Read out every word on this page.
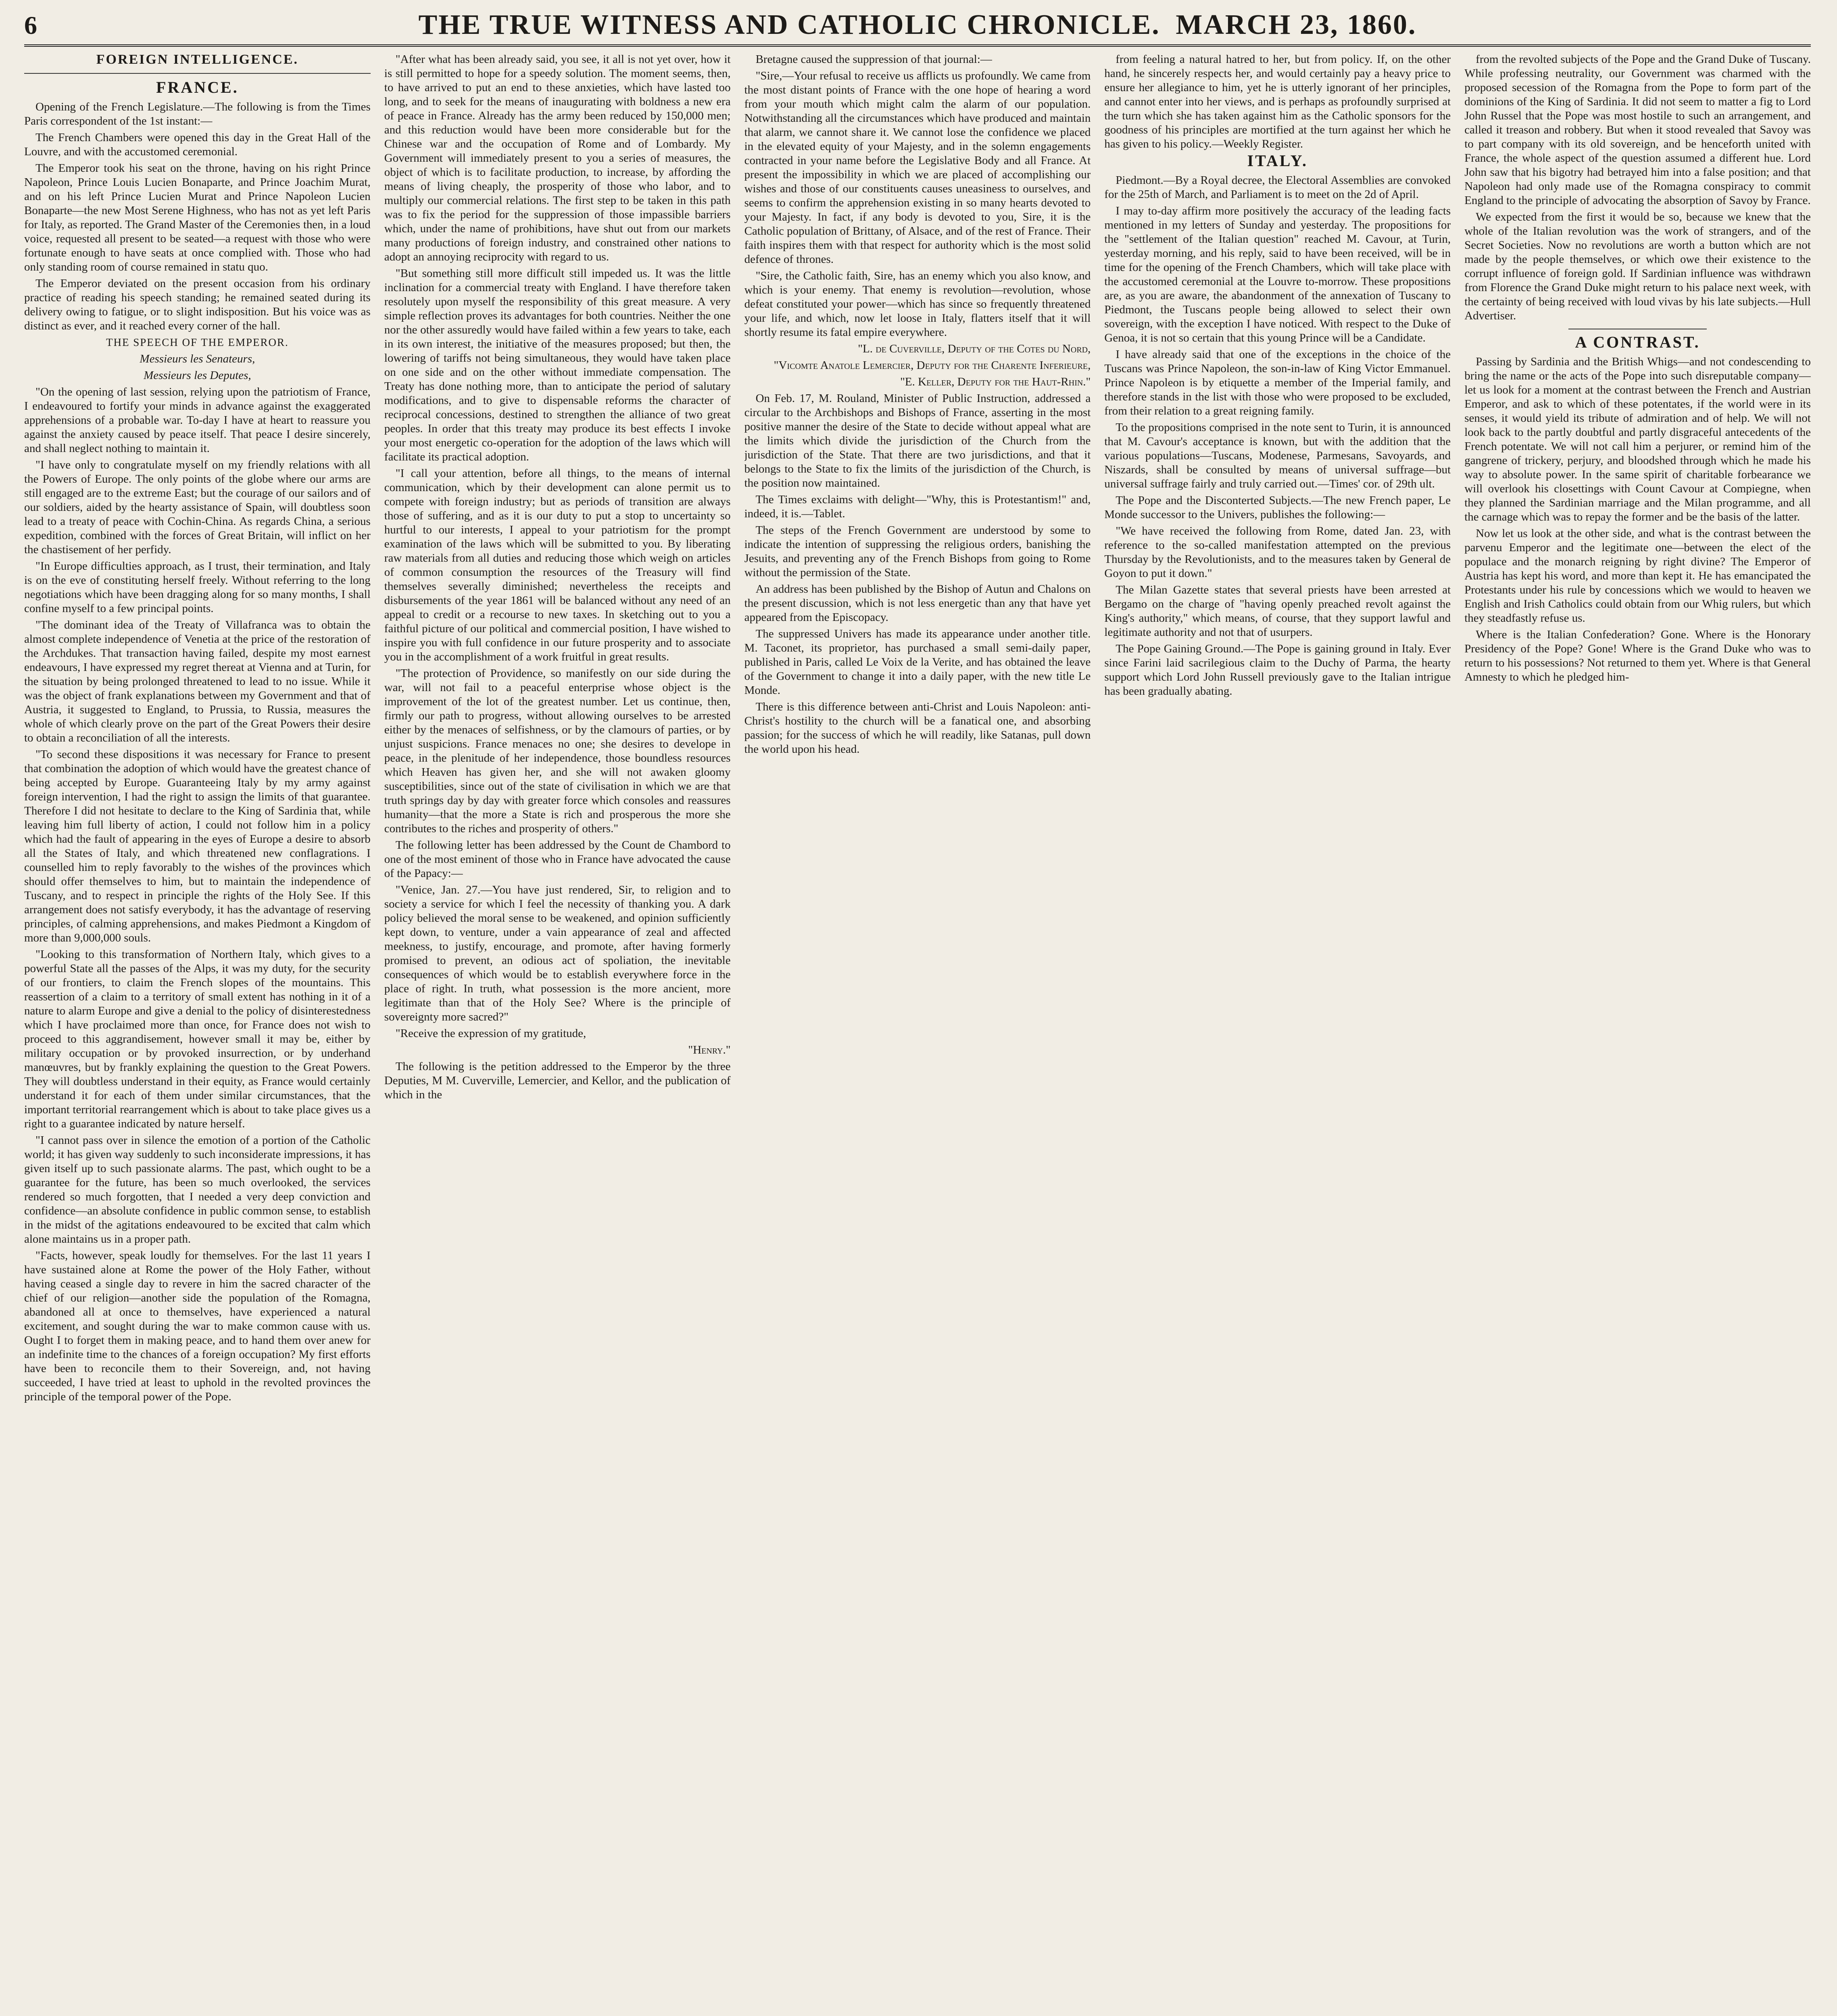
6	THE TRUE WITNESS AND CATHOLIC CHRONICLE. MARCH 23, 1860.
FOREIGN INTELLIGENCE.
FRANCE.

Opening of the French Legislature.—The following is from the Times Paris correspondent of the 1st instant:—

The French Chambers were opened this day in the Great Hall of the Louvre, and with the accustomed ceremonial.

The Emperor took his seat on the throne, having on his right Prince Napoleon, Prince Louis Lucien Bonaparte, and Prince Joachim Murat, and on his left Prince Lucien Murat and Prince Napoleon Lucien Bonaparte—the new Most Serene Highness, who has not as yet left Paris for Italy, as reported. The Grand Master of the Ceremonies then, in a loud voice, requested all present to be seated—a request with those who were fortunate enough to have seats at once complied with. Those who had only standing room of course remained in statu quo.

The Emperor deviated on the present occasion from his ordinary practice of reading his speech standing; he remained seated during its delivery owing to fatigue, or to slight indisposition. But his voice was as distinct as ever, and it reached every corner of the hall.

THE SPEECH OF THE EMPEROR.

Messieurs les Senateurs,

Messieurs les Deputes,

"On the opening of last session, relying upon the patriotism of France, I endeavoured to fortify your minds in advance against the exaggerated apprehensions of a probable war. To-day I have at heart to reassure you against the anxiety caused by peace itself. That peace I desire sincerely, and shall neglect nothing to maintain it.

"I have only to congratulate myself on my friendly relations with all the Powers of Europe. The only points of the globe where our arms are still engaged are to the extreme East; but the courage of our sailors and of our soldiers, aided by the hearty assistance of Spain, will doubtless soon lead to a treaty of peace with Cochin-China. As regards China, a serious expedition, combined with the forces of Great Britain, will inflict on her the chastisement of her perfidy.

"In Europe difficulties approach, as I trust, their termination, and Italy is on the eve of constituting herself freely. Without referring to the long negotiations which have been dragging along for so many months, I shall confine myself to a few principal points.

"The dominant idea of the Treaty of Villafranca was to obtain the almost complete independence of Venetia at the price of the restoration of the Archdukes. That transaction having failed, despite my most earnest endeavours, I have expressed my regret thereat at Vienna and at Turin, for the situation by being prolonged threatened to lead to no issue. While it was the object of frank explanations between my Government and that of Austria, it suggested to England, to Prussia, to Russia, measures the whole of which clearly prove on the part of the Great Powers their desire to obtain a reconciliation of all the interests.

"To second these dispositions it was necessary for France to present that combination the adoption of which would have the greatest chance of being accepted by Europe. Guaranteeing Italy by my army against foreign intervention, I had the right to assign the limits of that guarantee. Therefore I did not hesitate to declare to the King of Sardinia that, while leaving him full liberty of action, I could not follow him in a policy which had the fault of appearing in the eyes of Europe a desire to absorb all the States of Italy, and which threatened new conflagrations. I counselled him to reply favorably to the wishes of the provinces which should offer themselves to him, but to maintain the independence of Tuscany, and to respect in principle the rights of the Holy See. If this arrangement does not satisfy everybody, it has the advantage of reserving principles, of calming apprehensions, and makes Piedmont a Kingdom of more than 9,000,000 souls.

"Looking to this transformation of Northern Italy, which gives to a powerful State all the passes of the Alps, it was my duty, for the security of our frontiers, to claim the French slopes of the mountains. This reassertion of a claim to a territory of small extent has nothing in it of a nature to alarm Europe and give a denial to the policy of disinterestedness which I have proclaimed more than once, for France does not wish to proceed to this aggrandisement, however small it may be, either by military occupation or by provoked insurrection, or by underhand manœuvres, but by frankly explaining the question to the Great Powers. They will doubtless understand in their equity, as France would certainly understand it for each of them under similar circumstances, that the important territorial rearrangement which is about to take place gives us a right to a guarantee indicated by nature herself.

"I cannot pass over in silence the emotion of a portion of the Catholic world; it has given way suddenly to such inconsiderate impressions, it has given itself up to such passionate alarms. The past, which ought to be a guarantee for the future, has been so much overlooked, the services rendered so much forgotten, that I needed a very deep conviction and confidence—an absolute confidence in public common sense, to establish in the midst of the agitations endeavoured to be excited that calm which alone maintains us in a proper path.

"Facts, however, speak loudly for themselves. For the last 11 years I have sustained alone at Rome the power of the Holy Father, without having ceased a single day to revere in him the sacred character of the chief of our religion—another side the population of the Romagna, abandoned all at once to themselves, have experienced a natural excitement, and sought during the war to make common cause with us. Ought I to forget them in making peace, and to hand them over anew for an indefinite time to the chances of a foreign occupation? My first efforts have been to reconcile them to their Sovereign, and, not having succeeded, I have tried at least to uphold in the revolted provinces the principle of the temporal power of the Pope.

"After what has been already said, you see, it all is not yet over, how it is still permitted to hope for a speedy solution. The moment seems, then, to have arrived to put an end to these anxieties, which have lasted too long, and to seek for the means of inaugurating with boldness a new era of peace in France. Already has the army been reduced by 150,000 men; and this reduction would have been more considerable but for the Chinese war and the occupation of Rome and of Lombardy. My Government will immediately present to you a series of measures, the object of which is to facilitate production, to increase, by affording the means of living cheaply, the prosperity of those who labor, and to multiply our commercial relations. The first step to be taken in this path was to fix the period for the suppression of those impassible barriers which, under the name of prohibitions, have shut out from our markets many productions of foreign industry, and constrained other nations to adopt an annoying reciprocity with regard to us.

"But something still more difficult still impeded us. It was the little inclination for a commercial treaty with England. I have therefore taken resolutely upon myself the responsibility of this great measure. A very simple reflection proves its advantages for both countries. Neither the one nor the other assuredly would have failed within a few years to take, each in its own interest, the initiative of the measures proposed; but then, the lowering of tariffs not being simultaneous, they would have taken place on one side and on the other without immediate compensation. The Treaty has done nothing more, than to anticipate the period of salutary modifications, and to give to dispensable reforms the character of reciprocal concessions, destined to strengthen the alliance of two great peoples. In order that this treaty may produce its best effects I invoke your most energetic co-operation for the adoption of the laws which will facilitate its practical adoption.

"I call your attention, before all things, to the means of internal communication, which by their development can alone permit us to compete with foreign industry; but as periods of transition are always those of suffering, and as it is our duty to put a stop to uncertainty so hurtful to our interests, I appeal to your patriotism for the prompt examination of the laws which will be submitted to you. By liberating raw materials from all duties and reducing those which weigh on articles of common consumption the resources of the Treasury will find themselves severally diminished; nevertheless the receipts and disbursements of the year 1861 will be balanced without any need of an appeal to credit or a recourse to new taxes. In sketching out to you a faithful picture of our political and commercial position, I have wished to inspire you with full confidence in our future prosperity and to associate you in the accomplishment of a work fruitful in great results.

"The protection of Providence, so manifestly on our side during the war, will not fail to a peaceful enterprise whose object is the improvement of the lot of the greatest number. Let us continue, then, firmly our path to progress, without allowing ourselves to be arrested either by the menaces of selfishness, or by the clamours of parties, or by unjust suspicions. France menaces no one; she desires to develope in peace, in the plenitude of her independence, those boundless resources which Heaven has given her, and she will not awaken gloomy susceptibilities, since out of the state of civilisation in which we are that truth springs day by day with greater force which consoles and reassures humanity—that the more a State is rich and prosperous the more she contributes to the riches and prosperity of others."

The following letter has been addressed by the Count de Chambord to one of the most eminent of those who in France have advocated the cause of the Papacy:—

"Venice, Jan. 27.—You have just rendered, Sir, to religion and to society a service for which I feel the necessity of thanking you. A dark policy believed the moral sense to be weakened, and opinion sufficiently kept down, to venture, under a vain appearance of zeal and affected meekness, to justify, encourage, and promote, after having formerly promised to prevent, an odious act of spoliation, the inevitable consequences of which would be to establish everywhere force in the place of right. In truth, what possession is the more ancient, more legitimate than that of the Holy See? Where is the principle of sovereignty more sacred?"

"Receive the expression of my gratitude,

"Henry."

The following is the petition addressed to the Emperor by the three Deputies, M M. Cuverville, Lemercier, and Kellor, and the publication of which in the

Bretagne caused the suppression of that journal:—

"Sire,—Your refusal to receive us afflicts us profoundly. We came from the most distant points of France with the one hope of hearing a word from your mouth which might calm the alarm of our population. Notwithstanding all the circumstances which have produced and maintain that alarm, we cannot share it. We cannot lose the confidence we placed in the elevated equity of your Majesty, and in the solemn engagements contracted in your name before the Legislative Body and all France. At present the impossibility in which we are placed of accomplishing our wishes and those of our constituents causes uneasiness to ourselves, and seems to confirm the apprehension existing in so many hearts devoted to your Majesty. In fact, if any body is devoted to you, Sire, it is the Catholic population of Brittany, of Alsace, and of the rest of France. Their faith inspires them with that respect for authority which is the most solid defence of thrones.

"Sire, the Catholic faith, Sire, has an enemy which you also know, and which is your enemy. That enemy is revolution—revolution, whose defeat constituted your power—which has since so frequently threatened your life, and which, now let loose in Italy, flatters itself that it will shortly resume its fatal empire everywhere.

"L. de Cuverville, Deputy of the Cotes du Nord,

"Vicomte Anatole Lemercier, Deputy for the Charente Inferieure,

"E. Keller, Deputy for the Haut-Rhin."

On Feb. 17, M. Rouland, Minister of Public Instruction, addressed a circular to the Archbishops and Bishops of France, asserting in the most positive manner the desire of the State to decide without appeal what are the limits which divide the jurisdiction of the Church from the jurisdiction of the State. That there are two jurisdictions, and that it belongs to the State to fix the limits of the jurisdiction of the Church, is the position now maintained.

The Times exclaims with delight—"Why, this is Protestantism!" and, indeed, it is.—Tablet.

The steps of the French Government are understood by some to indicate the intention of suppressing the religious orders, banishing the Jesuits, and preventing any of the French Bishops from going to Rome without the permission of the State.

An address has been published by the Bishop of Autun and Chalons on the present discussion, which is not less energetic than any that have yet appeared from the Episcopacy.

The suppressed Univers has made its appearance under another title. M. Taconet, its proprietor, has purchased a small semi-daily paper, published in Paris, called Le Voix de la Verite, and has obtained the leave of the Government to change it into a daily paper, with the new title Le Monde.

There is this difference between anti-Christ and Louis Napoleon: anti-Christ's hostility to the church will be a fanatical one, and absorbing passion; for the success of which he will readily, like Satanas, pull down the world upon his head.

from feeling a natural hatred to her, but from policy. If, on the other hand, he sincerely respects her, and would certainly pay a heavy price to ensure her allegiance to him, yet he is utterly ignorant of her principles, and cannot enter into her views, and is perhaps as profoundly surprised at the turn which she has taken against him as the Catholic sponsors for the goodness of his principles are mortified at the turn against her which he has given to his policy.—Weekly Register.

ITALY.

Piedmont.—By a Royal decree, the Electoral Assemblies are convoked for the 25th of March, and Parliament is to meet on the 2d of April.

I may to-day affirm more positively the accuracy of the leading facts mentioned in my letters of Sunday and yesterday. The propositions for the "settlement of the Italian question" reached M. Cavour, at Turin, yesterday morning, and his reply, said to have been received, will be in time for the opening of the French Chambers, which will take place with the accustomed ceremonial at the Louvre to-morrow. These propositions are, as you are aware, the abandonment of the annexation of Tuscany to Piedmont, the Tuscans people being allowed to select their own sovereign, with the exception I have noticed. With respect to the Duke of Genoa, it is not so certain that this young Prince will be a Candidate.

I have already said that one of the exceptions in the choice of the Tuscans was Prince Napoleon, the son-in-law of King Victor Emmanuel. Prince Napoleon is by etiquette a member of the Imperial family, and therefore stands in the list with those who were proposed to be excluded, from their relation to a great reigning family.

To the propositions comprised in the note sent to Turin, it is announced that M. Cavour's acceptance is known, but with the addition that the various populations—Tuscans, Modenese, Parmesans, Savoyards, and Niszards, shall be consulted by means of universal suffrage—but universal suffrage fairly and truly carried out.—Times' cor. of 29th ult.

The Pope and the Disconterted Subjects.—The new French paper, Le Monde successor to the Univers, publishes the following:—

"We have received the following from Rome, dated Jan. 23, with reference to the so-called manifestation attempted on the previous Thursday by the Revolutionists, and to the measures taken by General de Goyon to put it down."

The Milan Gazette states that several priests have been arrested at Bergamo on the charge of "having openly preached revolt against the King's authority," which means, of course, that they support lawful and legitimate authority and not that of usurpers.

The Pope Gaining Ground.—The Pope is gaining ground in Italy. Ever since Farini laid sacrilegious claim to the Duchy of Parma, the hearty support which Lord John Russell previously gave to the Italian intrigue has been gradually abating.

from the revolted subjects of the Pope and the Grand Duke of Tuscany. While professing neutrality, our Government was charmed with the proposed secession of the Romagna from the Pope to form part of the dominions of the King of Sardinia. It did not seem to matter a fig to Lord John Russel that the Pope was most hostile to such an arrangement, and called it treason and robbery. But when it stood revealed that Savoy was to part company with its old sovereign, and be henceforth united with France, the whole aspect of the question assumed a different hue. Lord John saw that his bigotry had betrayed him into a false position; and that Napoleon had only made use of the Romagna conspiracy to commit England to the principle of advocating the absorption of Savoy by France.

We expected from the first it would be so, because we knew that the whole of the Italian revolution was the work of strangers, and of the Secret Societies. Now no revolutions are worth a button which are not made by the people themselves, or which owe their existence to the corrupt influence of foreign gold. If Sardinian influence was withdrawn from Florence the Grand Duke might return to his palace next week, with the certainty of being received with loud vivas by his late subjects.—Hull Advertiser.

A CONTRAST.

Passing by Sardinia and the British Whigs—and not condescending to bring the name or the acts of the Pope into such disreputable company—let us look for a moment at the contrast between the French and Austrian Emperor, and ask to which of these potentates, if the world were in its senses, it would yield its tribute of admiration and of help. We will not look back to the partly doubtful and partly disgraceful antecedents of the French potentate. We will not call him a perjurer, or remind him of the gangrene of trickery, perjury, and bloodshed through which he made his way to absolute power. In the same spirit of charitable forbearance we will overlook his closettings with Count Cavour at Compiegne, when they planned the Sardinian marriage and the Milan programme, and all the carnage which was to repay the former and be the basis of the latter.

Now let us look at the other side, and what is the contrast between the parvenu Emperor and the legitimate one—between the elect of the populace and the monarch reigning by right divine? The Emperor of Austria has kept his word, and more than kept it. He has emancipated the Protestants under his rule by concessions which we would to heaven we English and Irish Catholics could obtain from our Whig rulers, but which they steadfastly refuse us.

Where is the Italian Confederation? Gone. Where is the Honorary Presidency of the Pope? Gone! Where is the Grand Duke who was to return to his possessions? Not returned to them yet. Where is that General Amnesty to which he pledged him-
